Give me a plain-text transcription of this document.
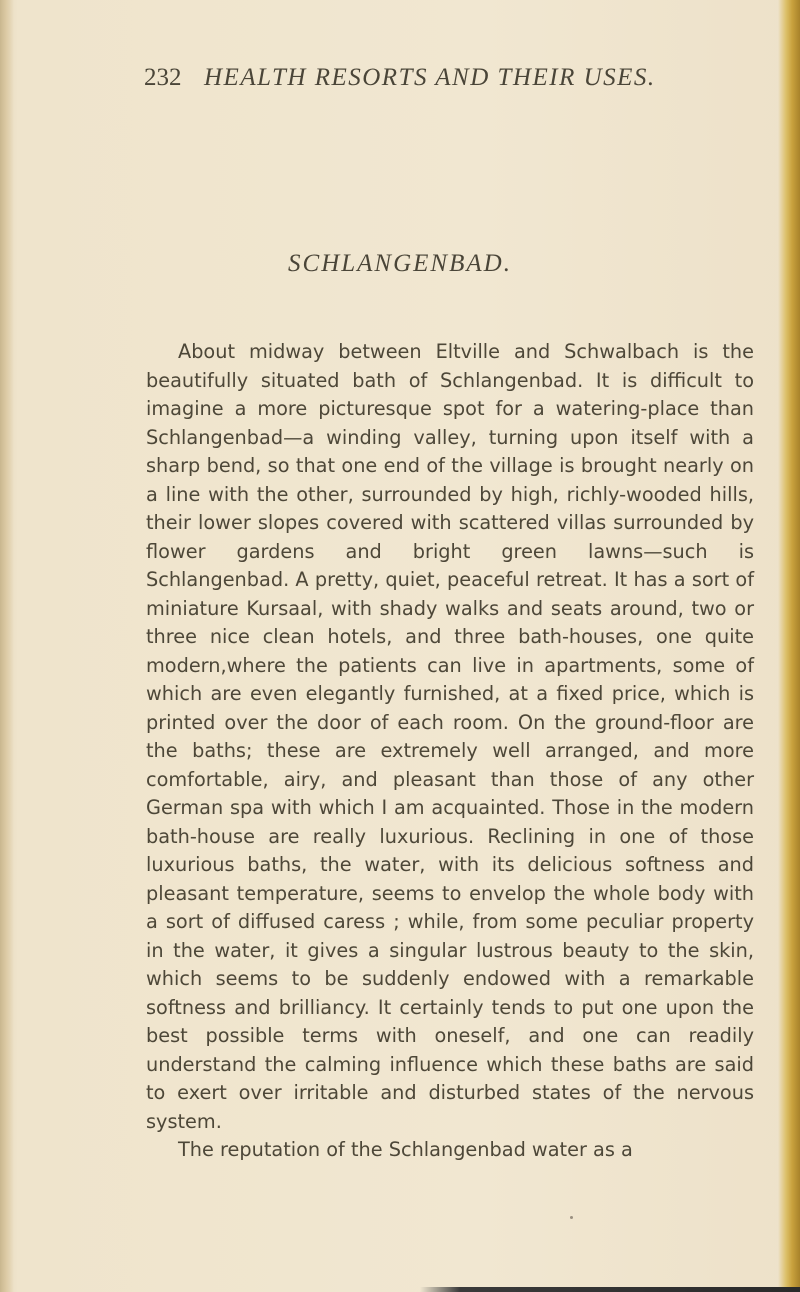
232 HEALTH RESORTS AND THEIR USES.
SCHLANGENBAD.

About midway between Eltville and Schwalbach is the beautifully situated bath of Schlangenbad. It is difficult to imagine a more picturesque spot for a watering-place than Schlangenbad—a winding valley, turning upon itself with a sharp bend, so that one end of the village is brought nearly on a line with the other, surrounded by high, richly-wooded hills, their lower slopes covered with scattered villas surrounded by flower gardens and bright green lawns—such is Schlangenbad. A pretty, quiet, peaceful retreat. It has a sort of miniature Kursaal, with shady walks and seats around, two or three nice clean hotels, and three bath-houses, one quite modern,where the patients can live in apartments, some of which are even elegantly furnished, at a fixed price, which is printed over the door of each room. On the ground-floor are the baths; these are extremely well arranged, and more comfortable, airy, and pleasant than those of any other German spa with which I am acquainted. Those in the modern bath-house are really luxurious. Reclining in one of those luxurious baths, the water, with its delicious softness and pleasant temperature, seems to envelop the whole body with a sort of diffused caress ; while, from some peculiar property in the water, it gives a singular lustrous beauty to the skin, which seems to be suddenly endowed with a remarkable softness and brilliancy. It certainly tends to put one upon the best possible terms with oneself, and one can readily understand the calming influence which these baths are said to exert over irritable and disturbed states of the nervous system.

The reputation of the Schlangenbad water as a
